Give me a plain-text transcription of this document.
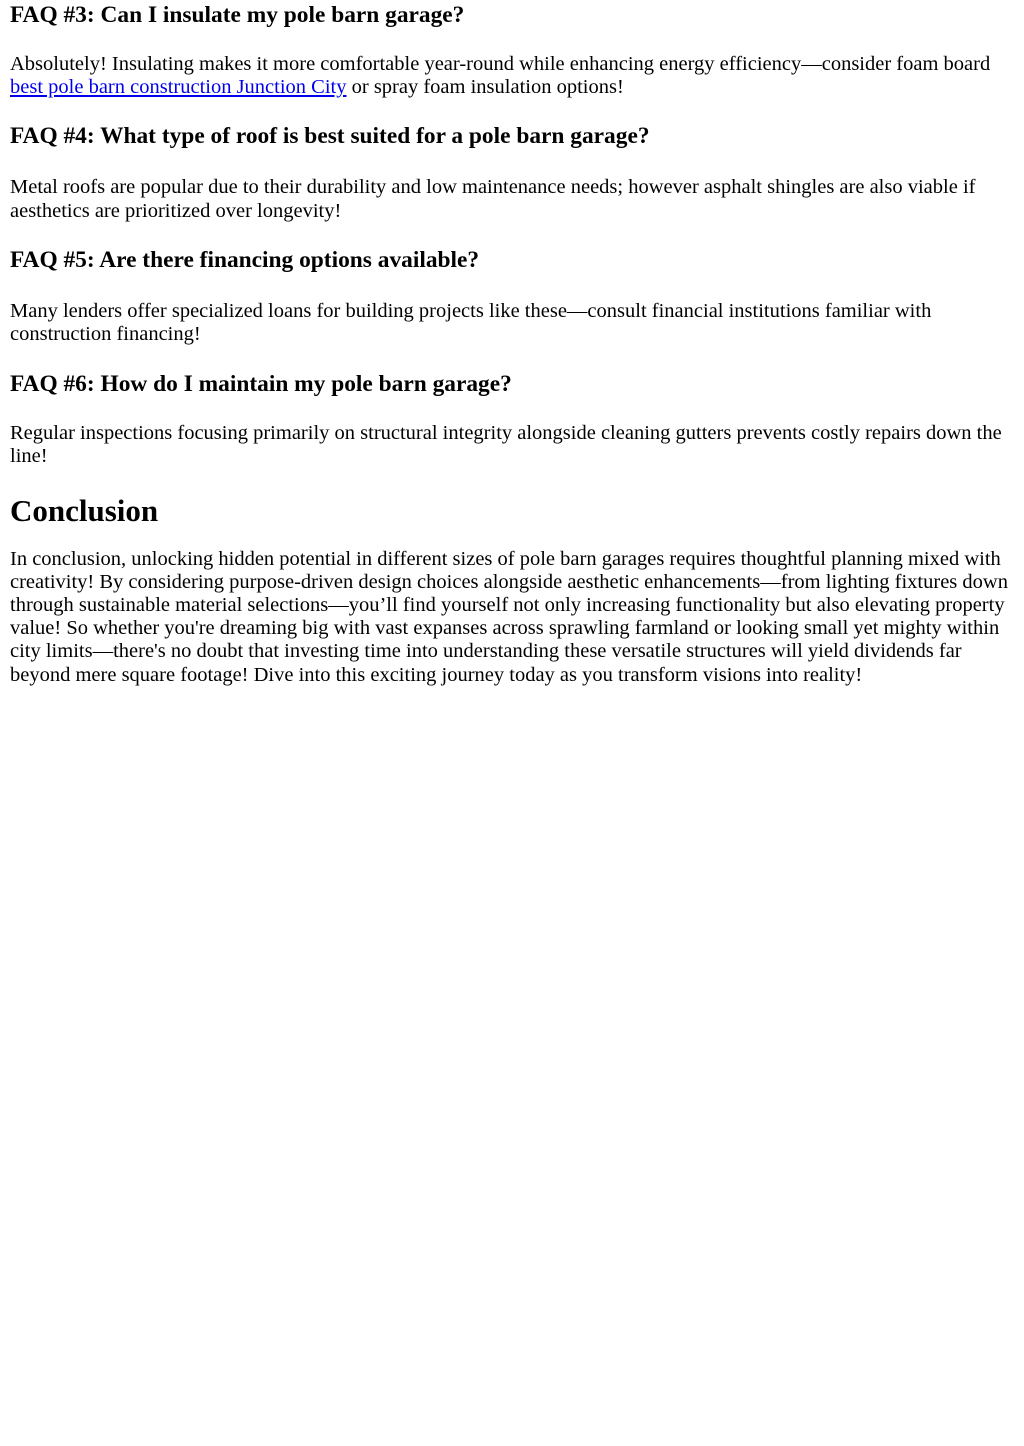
FAQ #3: Can I insulate my pole barn garage?

Absolutely! Insulating makes it more comfortable year-round while enhancing energy efficiency—consider foam board best pole barn construction Junction City or spray foam insulation options!

FAQ #4: What type of roof is best suited for a pole barn garage?

Metal roofs are popular due to their durability and low maintenance needs; however asphalt shingles are also viable if aesthetics are prioritized over longevity!

FAQ #5: Are there financing options available?

Many lenders offer specialized loans for building projects like these—consult financial institutions familiar with construction financing!

FAQ #6: How do I maintain my pole barn garage?

Regular inspections focusing primarily on structural integrity alongside cleaning gutters prevents costly repairs down the line!

Conclusion

In conclusion, unlocking hidden potential in different sizes of pole barn garages requires thoughtful planning mixed with creativity! By considering purpose-driven design choices alongside aesthetic enhancements—from lighting fixtures down through sustainable material selections—you’ll find yourself not only increasing functionality but also elevating property value! So whether you're dreaming big with vast expanses across sprawling farmland or looking small yet mighty within city limits—there's no doubt that investing time into understanding these versatile structures will yield dividends far beyond mere square footage! Dive into this exciting journey today as you transform visions into reality!
